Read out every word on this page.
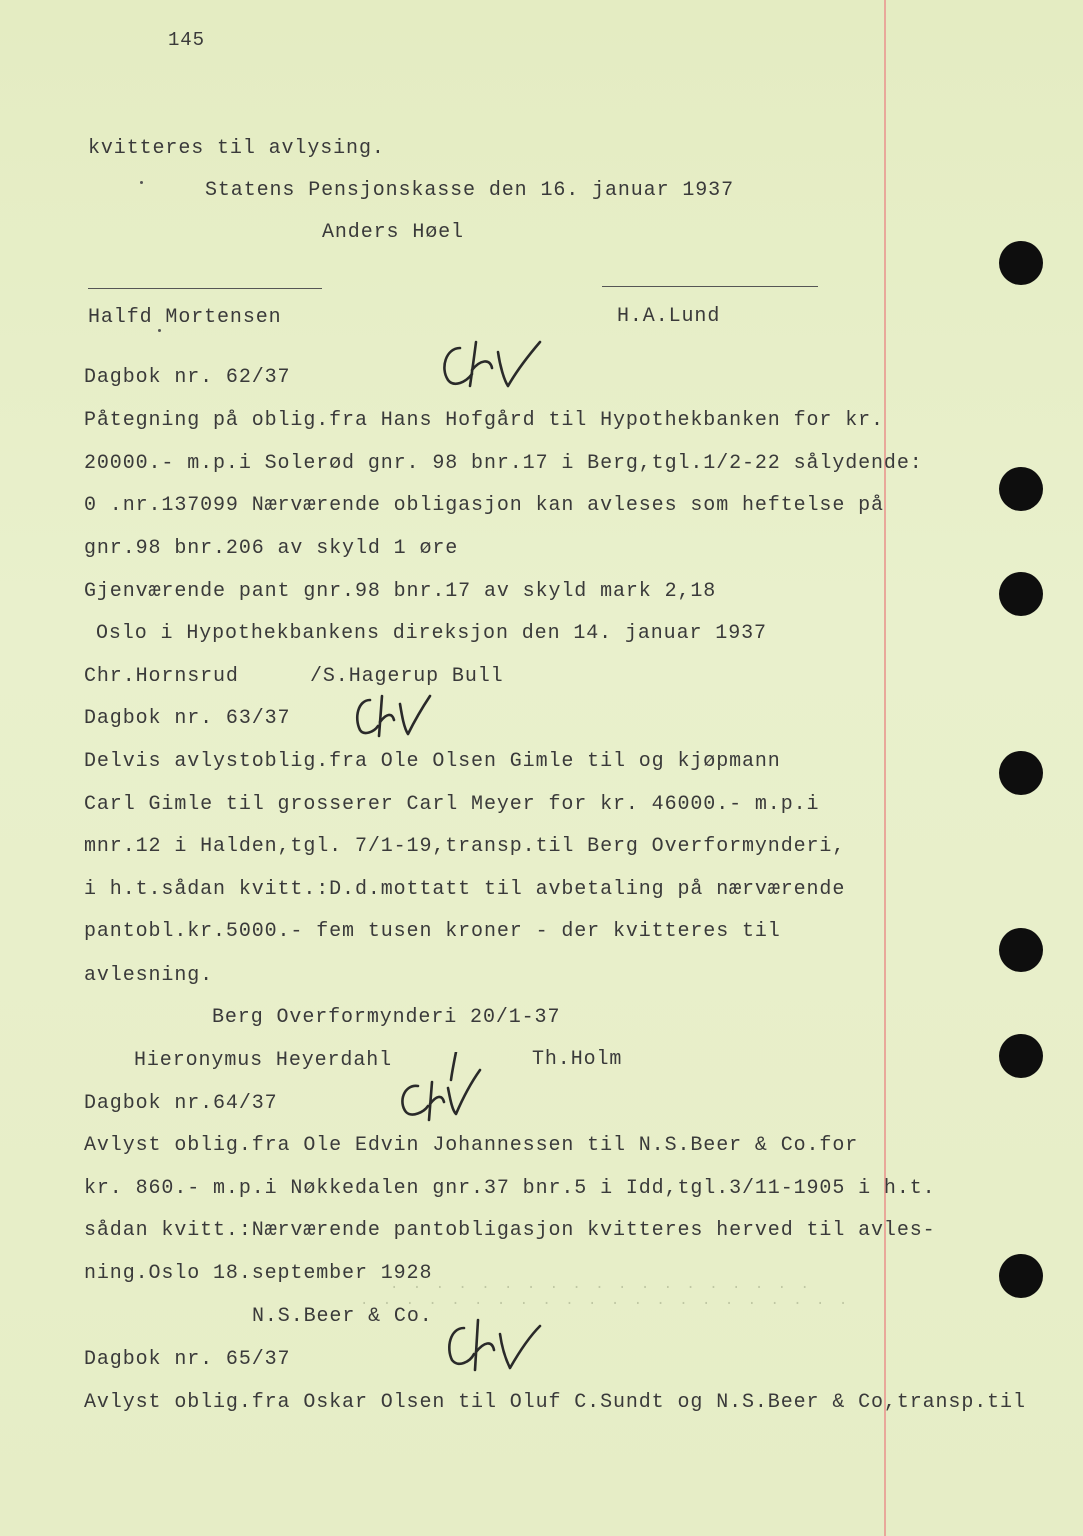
145
kvitteres til avlysing.
Statens Pensjonskasse den 16. januar 1937
Anders Høel
Halfd Mortensen	H.A.Lund
Dagbok nr. 62/37
Påtegning på oblig.fra Hans Hofgård til Hypothekbanken for kr.
20000.- m.p.i Solerød gnr. 98 bnr.17 i Berg,tgl.1/2-22 sålydende:
0 .nr.137099 Nærværende obligasjon kan avleses som heftelse på
gnr.98 bnr.206 av skyld 1 øre
Gjenværende pant gnr.98 bnr.17 av skyld mark 2,18
Oslo i Hypothekbankens direksjon den 14. januar 1937
Chr.Hornsrud	/S.Hagerup Bull
Dagbok nr. 63/37
Delvis avlystoblig.fra Ole Olsen Gimle til og kjøpmann
Carl Gimle til grosserer Carl Meyer for kr. 46000.- m.p.i
mnr.12 i Halden,tgl. 7/1-19,transp.til Berg Overformynderi,
i h.t.sådan kvitt.:D.d.mottatt til avbetaling på nærværende
pantobl.kr.5000.- fem tusen kroner - der kvitteres til
avlesning.
Berg Overformynderi 20/1-37
Hieronymus Heyerdahl	Th.Holm
Dagbok nr.64/37
Avlyst oblig.fra Ole Edvin Johannessen til N.S.Beer & Co.for
kr. 860.- m.p.i Nøkkedalen gnr.37 bnr.5 i Idd,tgl.3/11-1905 i h.t.
sådan kvitt.:Nærværende pantobligasjon kvitteres herved til avles-
ning.Oslo 18.september 1928
· · · · · · · · · · · · · · · · · · ·
· · · · · · · · · · · · · · · · · · · · · ·
N.S.Beer & Co.
Dagbok nr. 65/37
Avlyst oblig.fra Oskar Olsen til Oluf C.Sundt og N.S.Beer & Co,transp.til
